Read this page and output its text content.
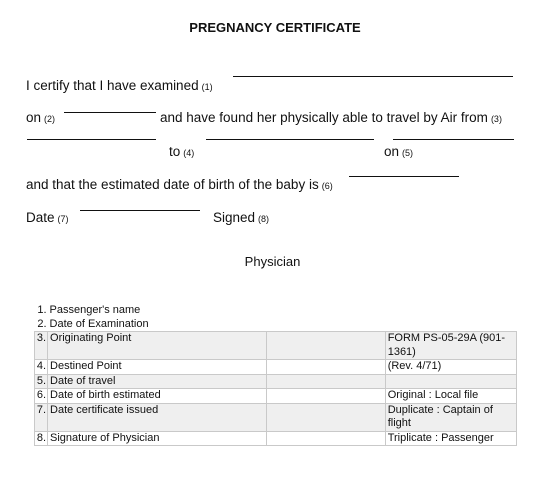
PREGNANCY CERTIFICATE
I certify that I have examined (1)
on (2)	and have found her physically able to travel by Air from (3)
to (4)	on (5)
and that the estimated date of birth of the baby is (6)
Date (7)	Signed (8)
Physician
1.	Passenger's name		
2.	Date of Examination		
3.	Originating Point		FORM PS-05-29A (901-1361)
4.	Destined Point		(Rev. 4/71)
5.	Date of travel		
6.	Date of birth estimated		Original : Local file
7.	Date certificate issued		Duplicate : Captain of flight
8.	Signature of Physician		Triplicate : Passenger
